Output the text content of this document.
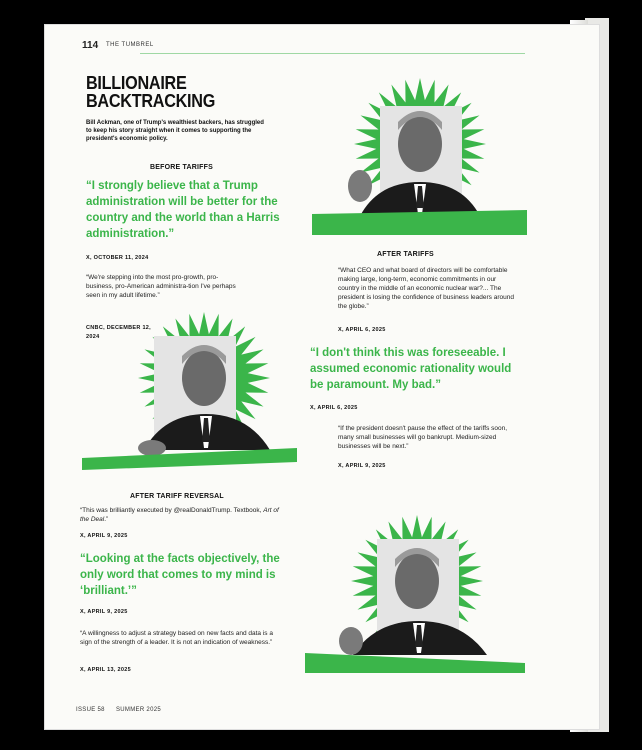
114 THE TUMBREL
BILLIONAIRE BACKTRACKING
Bill Ackman, one of Trump's wealthiest backers, has struggled to keep his story straight when it comes to supporting the president's economic policy.
BEFORE TARIFFS
“I strongly believe that a Trump administration will be better for the country and the world than a Harris administration.”
X, OCTOBER 11, 2024
“We're stepping into the most pro-growth, pro-business, pro-American administra-tion I've perhaps seen in my adult lifetime.”
CNBC, DECEMBER 12, 2024
AFTER TARIFFS
“What CEO and what board of directors will be comfortable making large, long-term, economic commitments in our country in the middle of an economic nuclear war?... The president is losing the confidence of business leaders around the globe.”
X, APRIL 6, 2025
“I don't think this was foreseeable. I assumed economic rationality would be paramount. My bad.”
X, APRIL 6, 2025
“If the president doesn't pause the effect of the tariffs soon, many small businesses will go bankrupt. Medium-sized businesses will be next.”
X, APRIL 9, 2025
AFTER TARIFF REVERSAL
“This was brilliantly executed by @realDonaldTrump. Textbook, Art of the Deal.”
X, APRIL 9, 2025
“Looking at the facts objectively, the only word that comes to my mind is ‘brilliant.’”
X, APRIL 9, 2025
“A willingness to adjust a strategy based on new facts and data is a sign of the strength of a leader. It is not an indication of weakness.”
X, APRIL 13, 2025
ISSUE 58 SUMMER 2025
